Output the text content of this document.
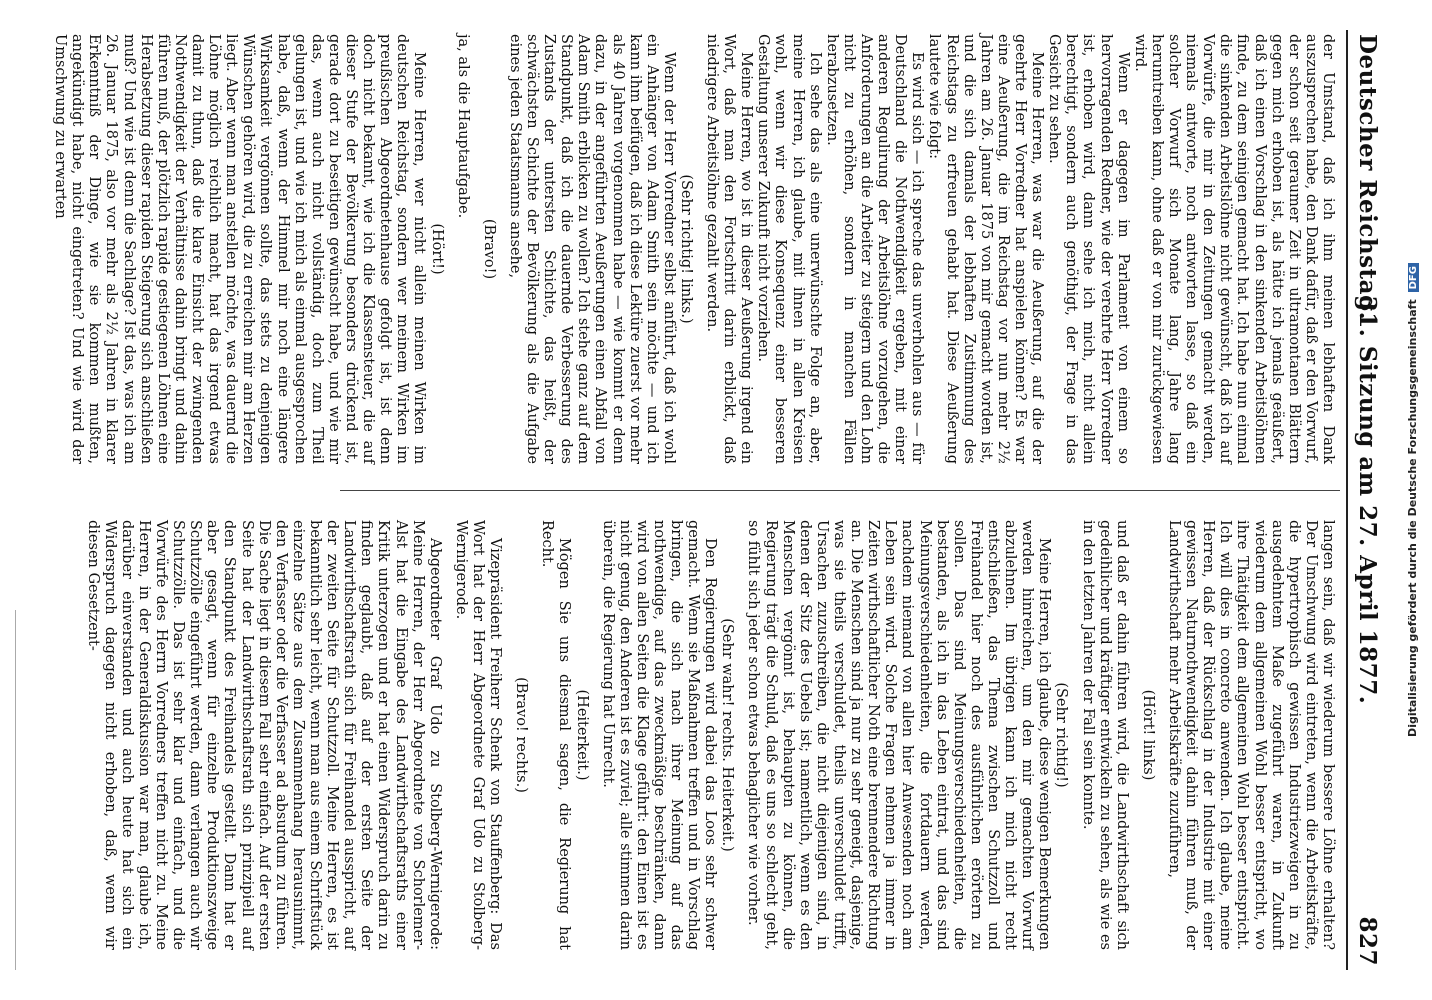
Deutscher Reichstag.
31. Sitzung am 27. April 1877.
827

der Umstand, daß ich ihm meinen lebhaften Dank auszusprechen habe, den Dank dafür, daß er den Vorwurf, der schon seit geraumer Zeit in ultramontanen Blättern gegen mich erhoben ist, als hätte ich jemals geäußert, daß ich einen Vorschlag in den sinkenden Arbeitslöhnen finde, zu dem seinigen gemacht hat. Ich habe nun einmal die sinkenden Arbeitslöhne nicht gewünscht, daß ich auf Vorwürfe, die mir in den Zeitungen gemacht werden, niemals antworte, noch antworten lasse, so daß ein solcher Vorwurf sich Monate lang, Jahre lang herumtreiben kann, ohne daß er von mir zurückgewiesen wird.

Wenn er dagegen im Parlament von einem so hervorragenden Redner, wie der verehrte Herr Vorredner ist, erhoben wird, dann sehe ich mich, nicht allein berechtigt, sondern auch genöthigt, der Frage in das Gesicht zu sehen.

Meine Herren, was war die Aeußerung, auf die der geehrte Herr Vorredner hat anspielen können? Es war eine Aeußerung, die im Reichstag vor nun mehr 2½ Jahren am 26. Januar 1875 von mir gemacht worden ist, und die sich damals der lebhaften Zustimmung des Reichstags zu erfreuen gehabt hat. Diese Aeußerung lautete wie folgt:

Es wird sich — ich spreche das unverhohlen aus — für Deutschland die Nothwendigkeit ergeben, mit einer anderen Regulirung der Arbeitslöhne vorzugehen, die Anforderungen an die Arbeiter zu steigern und den Lohn nicht zu erhöhen, sondern in manchen Fällen herabzusetzen.

Ich sehe das als eine unerwünschte Folge an, aber, meine Herren, ich glaube, mit ihnen in allen Kreisen wohl, wenn wir diese Konsequenz einer besseren Gestaltung unserer Zukunft nicht vorziehen.

Meine Herren, wo ist in dieser Aeußerung irgend ein Wort, daß man den Fortschritt darin erblickt, daß niedrigere Arbeitslöhne gezahlt werden.

(Sehr richtig! links.)

Wenn der Herr Vorredner selbst anführt, daß ich wohl ein Anhänger von Adam Smith sein möchte — und ich kann ihm beifügen, daß ich diese Lektüre zuerst vor mehr als 40 Jahren vorgenommen habe — wie kommt er denn dazu, in der angeführten Aeußerungen einen Abfall von Adam Smith erblicken zu wollen? Ich stehe ganz auf dem Standpunkt, daß ich die dauernde Verbesserung des Zustands der untersten Schichte, das heißt, der schwächsten Schichte der Bevölkerung als die Aufgabe eines jeden Staatsmanns ansehe,

(Bravo!)

ja, als die Hauptaufgabe.

(Hört!)

Meine Herren, wer nicht allein meinen Wirken im deutschen Reichstag, sondern wer meinem Wirken im preußischen Abgeordnetenhause gefolgt ist, ist denn doch nicht bekannt, wie ich die Klassensteuer, die auf dieser Stufe der Bevölkerung besonders drückend ist, gerade dort zu beseitigen gewünscht habe, und wie mir das, wenn auch nicht vollständig, doch zum Theil gelungen ist, und wie ich mich als einmal ausgesprochen habe, daß, wenn der Himmel mir noch eine längere Wirksamkeit vergönnen sollte, das stets zu denjenigen Wünschen gehören wird, die zu erreichen mir am Herzen liegt. Aber wenn man anstellen möchte, was dauernd die Löhne möglich reichlich macht, hat das irgend etwas damit zu thun, daß die klare Einsicht der zwingenden Nothwendigkeit der Verhältnisse dahin bringt und dahin führen muß, der plötzlich rapide gestiegenen Löhnen eine Herabsetzung dieser rapiden Steigerung sich anschließen muß? Und wie ist denn die Sachlage? Ist das, was ich am 26. Januar 1875, also vor mehr als 2½ Jahren in klarer Erkenntniß der Dinge, wie sie kommen mußten, angekündigt habe, nicht eingetreten? Und wie wird der Umschwung zu erwarten

langen sein, daß wir wiederum bessere Löhne erhalten? Der Umschwung wird eintreten, wenn die Arbeitskräfte, die hypertrophisch gewissen Industriezweigen in zu ausgedehntem Maße zugeführt waren, in Zukunft wiederum dem allgemeinen Wohl besser entspricht, wo ihre Thätigkeit dem allgemeinen Wohl besser entspricht. Ich will dies in concreto anwenden. Ich glaube, meine Herren, daß der Rückschlag in der Industrie mit einer gewissen Naturnothwendigkeit dahin führen muß, der Landwirthschaft mehr Arbeitskräfte zuzuführen,

(Hört! links)

und daß er dahin führen wird, die Landwirthschaft sich gedeihlicher und kräftiger entwickeln zu sehen, als wie es in den letzten Jahren der Fall sein konnte.

(Sehr richtig!)

Meine Herren, ich glaube, diese wenigen Bemerkungen werden hinreichen, um den mir gemachten Vorwurf abzulehnen. Im übrigen kann ich mich nicht recht entschließen, das Thema zwischen Schutzzoll und Freihandel hier noch des ausführlichen erörtern zu sollen. Das sind Meinungsverschiedenheiten, die bestanden, als ich in das Leben eintrat, und das sind Meinungsverschiedenheiten, die fortdauern werden, nachdem niemand von allen hier Anwesenden noch am Leben sein wird. Solche Fragen nehmen ja immer in Zeiten wirthschaftlicher Noth eine brennendere Richtung an. Die Menschen sind ja nur zu sehr geneigt, dasjenige, was sie theils verschuldet, theils unverschuldet trifft, Ursachen zuzuschreiben, die nicht diejenigen sind, in denen der Sitz des Uebels ist; namentlich, wenn es den Menschen vergönnt ist, behaupten zu können, die Regierung trägt die Schuld, daß es uns so schlecht geht, so fühlt sich jeder schon etwas behaglicher wie vorher.

(Sehr wahr! rechts. Heiterkeit.)

Den Regierungen wird dabei das Loos sehr schwer gemacht. Wenn sie Maßnahmen treffen und in Vorschlag bringen, die sich nach ihrer Meinung auf das nothwendige, auf das zweckmäßige beschränken, dann wird von allen Seiten die Klage geführt: den Einen ist es nicht genug, den Anderen ist es zuviel; alle stimmen darin überein, die Regierung hat Unrecht.

(Heiterkeit.)

Mögen Sie uns diesmal sagen, die Regierung hat Recht.

(Bravo! rechts.)

Vizepräsident Freiherr Schenk von Stauffenberg: Das Wort hat der Herr Abgeordnete Graf Udo zu Stolberg-Wernigerode.

Abgeordneter Graf Udo zu Stolberg-Wernigerode: Meine Herren, der Herr Abgeordnete von Schorlemer-Alst hat die Eingabe des Landwirthschaftsraths einer Kritik unterzogen und er hat einen Widerspruch darin zu finden geglaubt, daß auf der ersten Seite der Landwirthschaftsrath sich für Freihandel ausspricht, auf der zweiten Seite für Schutzzoll. Meine Herren, es ist bekanntlich sehr leicht, wenn man aus einem Schriftstück einzelne Sätze aus dem Zusammenhang herausnimmt, den Verfasser oder die Verfasser ad absurdum zu führen. Die Sache liegt in diesem Fall sehr einfach. Auf der ersten Seite hat der Landwirthschaftsrath sich prinzipiell auf den Standpunkt des Freihandels gestellt. Dann hat er aber gesagt, wenn für einzelne Produktionszweige Schutzzölle eingeführt werden, dann verlangen auch wir Schutzzölle. Das ist sehr klar und einfach, und die Vorwürfe des Herrn Vorredners treffen nicht zu. Meine Herren, in der Generaldiskussion war man, glaube ich, darüber einverstanden und auch heute hat sich ein Widerspruch dagegen nicht erhoben, daß, wenn wir diesen Gesetzent-	Digitalisierung gefördert durch die Deutsche Forschungsgemeinschaft DFG
